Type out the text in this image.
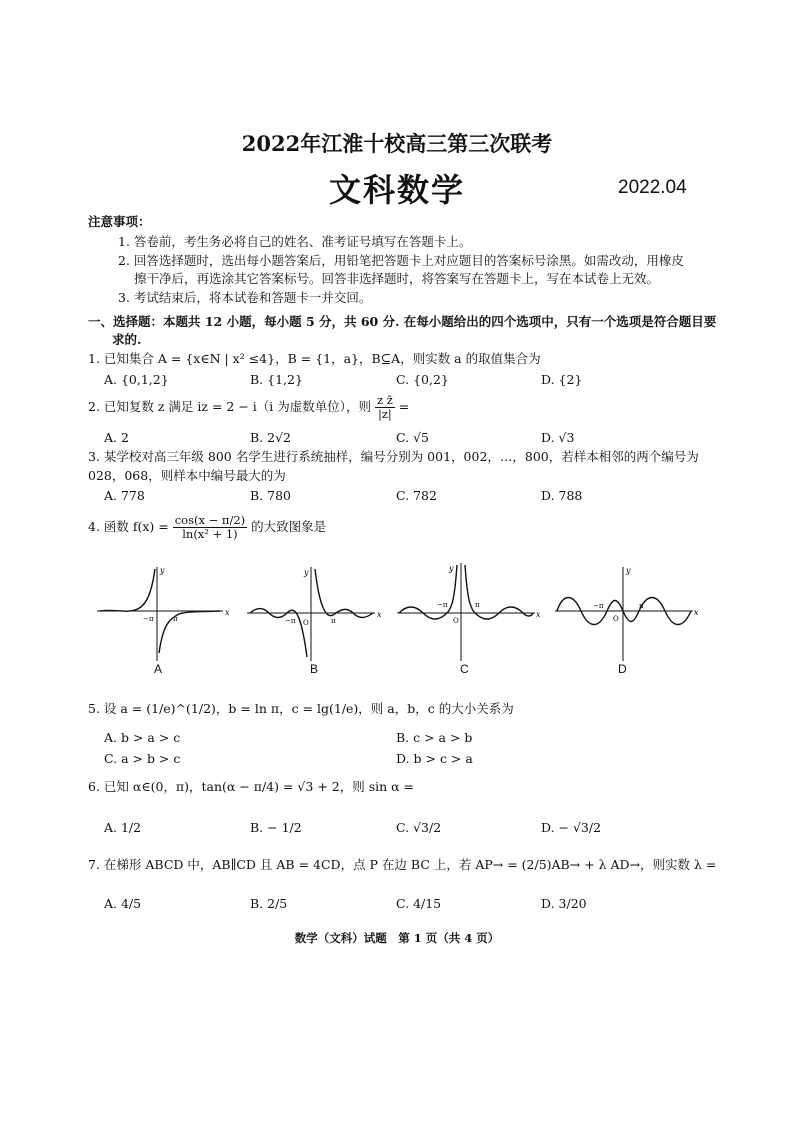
2022年江淮十校高三第三次联考
文科数学	2022.04
注意事项：
1. 答卷前，考生务必将自己的姓名、准考证号填写在答题卡上。
2. 回答选择题时，选出每小题答案后，用铅笔把答题卡上对应题目的答案标号涂黑。如需改动，用橡皮
擦干净后，再选涂其它答案标号。回答非选择题时，将答案写在答题卡上，写在本试卷上无效。
3. 考试结束后，将本试卷和答题卡一并交回。
一、选择题：本题共 12 小题，每小题 5 分，共 60 分. 在每小题给出的四个选项中，只有一个选项是符合题目要
求的.
1. 已知集合 A = {x∈N | x² ≤4}，B = {1，a}，B⊆A，则实数 a 的取值集合为
A. {0,1,2}	B. {1,2}	C. {0,2}	D. {2}
2. 已知复数 z 满足 iz = 2 − i（i 为虚数单位），则 $\frac{\text{z z̄}}{|z|}$ =
A. 2	B. 2√2	C. √5	D. √3
3. 某学校对高三年级 800 名学生进行系统抽样，编号分别为 001，002，…，800，若样本相邻的两个编号为
028，068，则样本中编号最大的为
A. 778	B. 780	C. 782	D. 788
4. 函数 $f(x) = \frac{\cos(x - \pi/2)}{\text{ln(x² + 1)}}$ 的大致图象是
x
y
−π	π
A
x
y
−π O	π
B
x
y
−π
O
π
C
x
y
−π
O
π
D
5. 设 a = (1/e)^(1/2)，b = ln π，c = lg(1/e)，则 a，b，c 的大小关系为
A. b > a > c	B. c > a > b
C. a > b > c	D. b > c > a
6. 已知 α∈(0，π)，tan(α − π/4) = √3 + 2，则 sin α =
A. 1/2	B. − 1/2	C. √3/2	D. − √3/2
7. 在梯形 ABCD 中，AB∥CD 且 AB = 4CD，点 P 在边 BC 上，若 AP→ = (2/5)AB→ + λ AD→，则实数 λ =
A. 4/5	B. 2/5	C. 4/15	D. 3/20
数学（文科）试题　第 1 页（共 4 页）
